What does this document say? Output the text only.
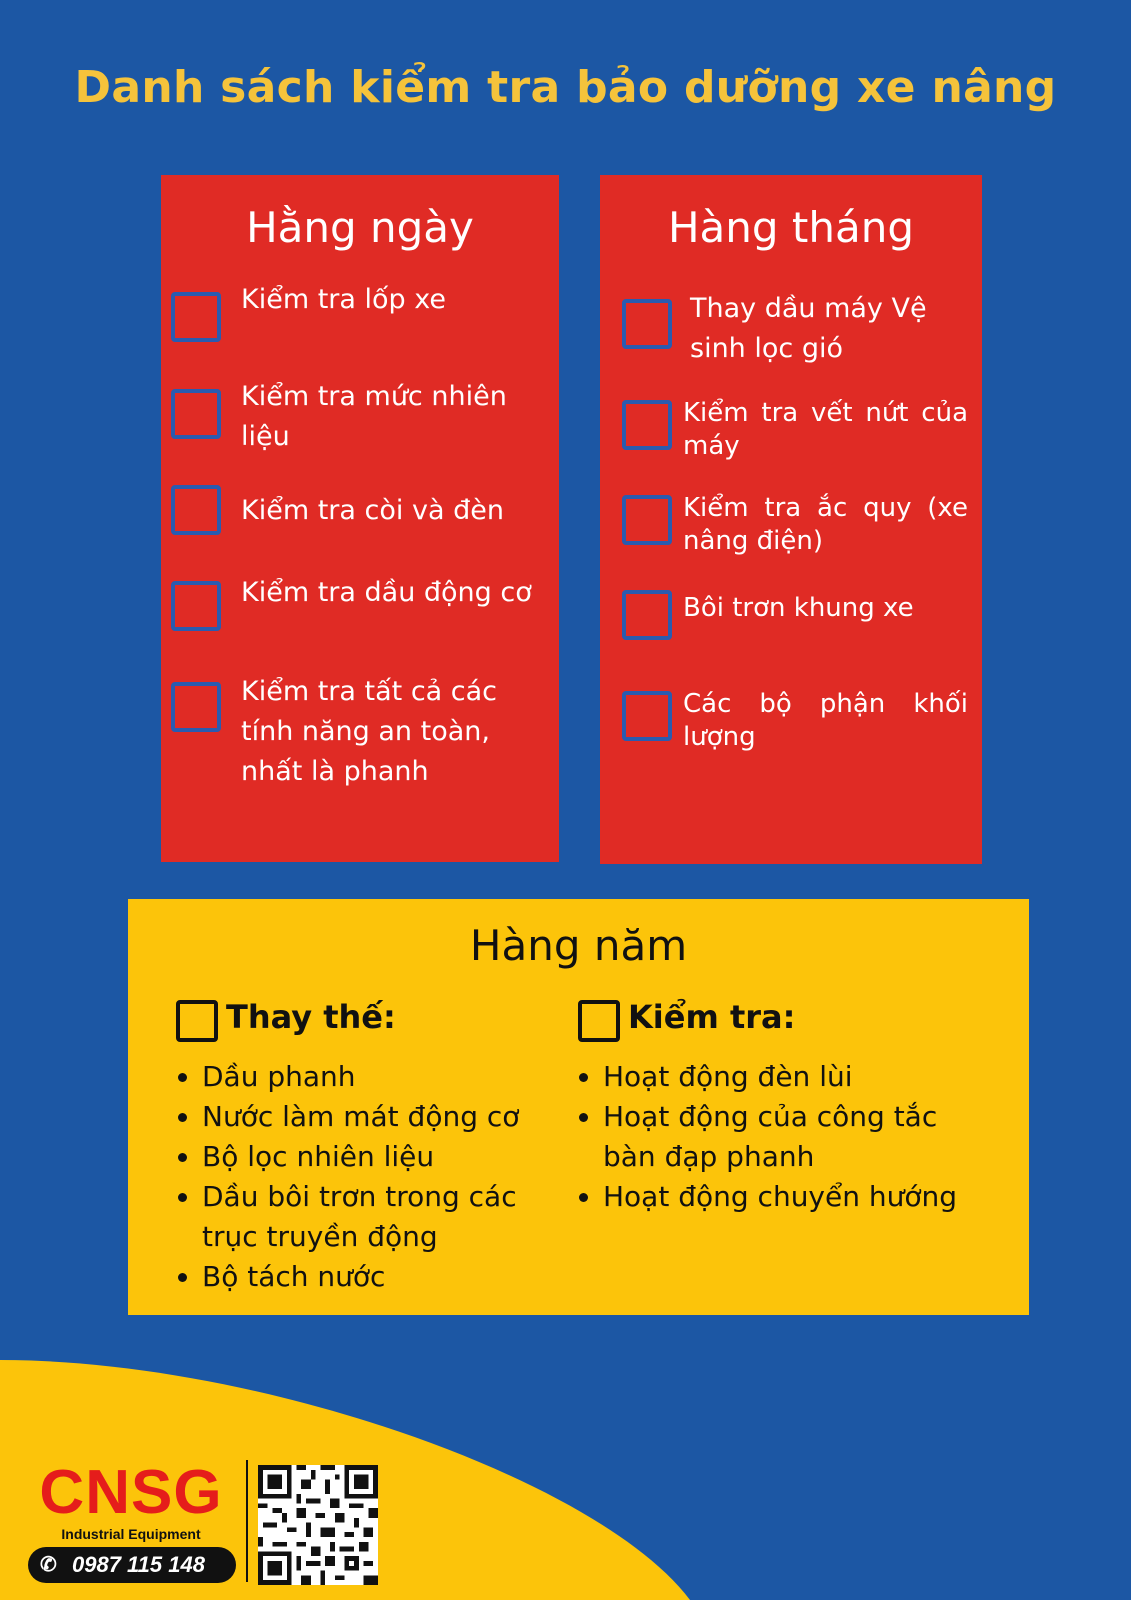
Danh sách kiểm tra bảo dưỡng xe nâng
Hằng ngày
Kiểm tra lốp xe
Kiểm tra mức nhiên liệu
Kiểm tra còi và đèn
Kiểm tra dầu động cơ
Kiểm tra tất cả các tính năng an toàn, nhất là phanh
Hàng tháng
Thay dầu máy Vệ sinh lọc gió
Kiểm tra vết nứt của máy
Kiểm tra ắc quy (xe nâng điện)
Bôi trơn khung xe
Các bộ phận khối lượng
Hàng năm
Thay thế:
• Dầu phanh
• Nước làm mát động cơ
• Bộ lọc nhiên liệu
• Dầu bôi trơn trong các trục truyền động
• Bộ tách nước
Kiểm tra:
• Hoạt động đèn lùi
• Hoạt động của công tắc bàn đạp phanh
• Hoạt động chuyển hướng
CNSG
Industrial Equipment
✆ 0987 115 148
